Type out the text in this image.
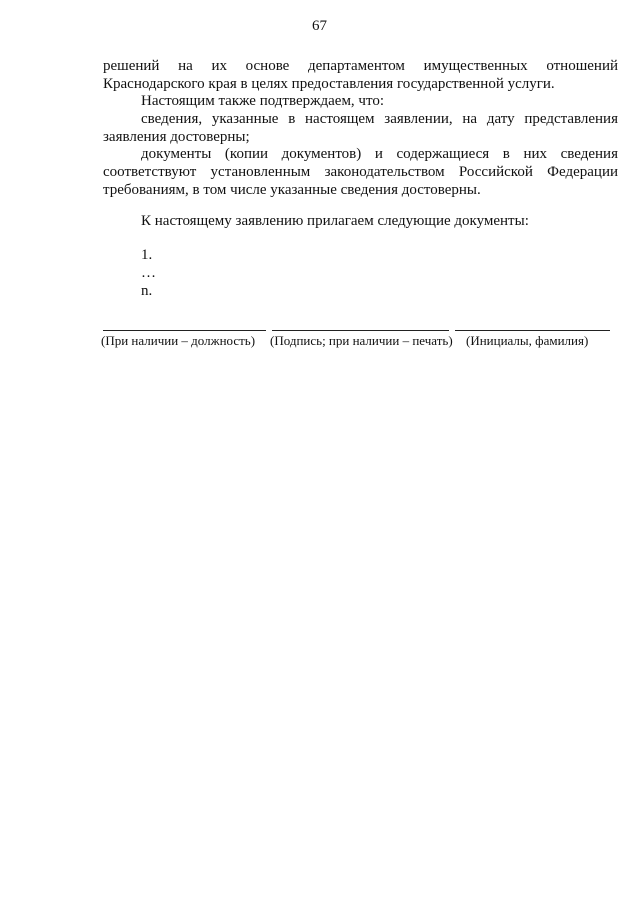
67
решений на их основе департаментом имущественных отношений
Краснодарского края в целях предоставления государственной услуги.
Настоящим также подтверждаем, что:
сведения, указанные в настоящем заявлении, на дату представления
заявления достоверны;
документы (копии документов) и содержащиеся в них сведения
соответствуют установленным законодательством Российской Федерации
требованиям, в том числе указанные сведения достоверны.
К настоящему заявлению прилагаем следующие документы:
1.
…
n.
(При наличии – должность) (Подпись; при наличии – печать) (Инициалы, фамилия)
